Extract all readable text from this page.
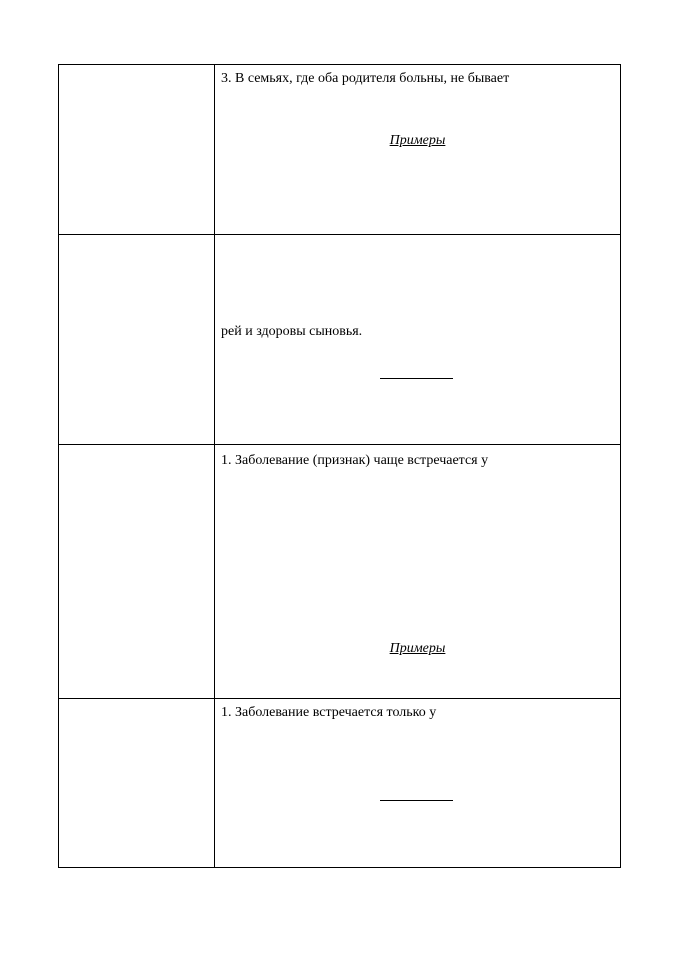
	3. В семьях, где оба родителя больны, не бывает
Примеры

	рей и здоровы сыновья.

	1. Заболевание (признак) чаще встречается у
Примеры

	1. Заболевание встречается только у
